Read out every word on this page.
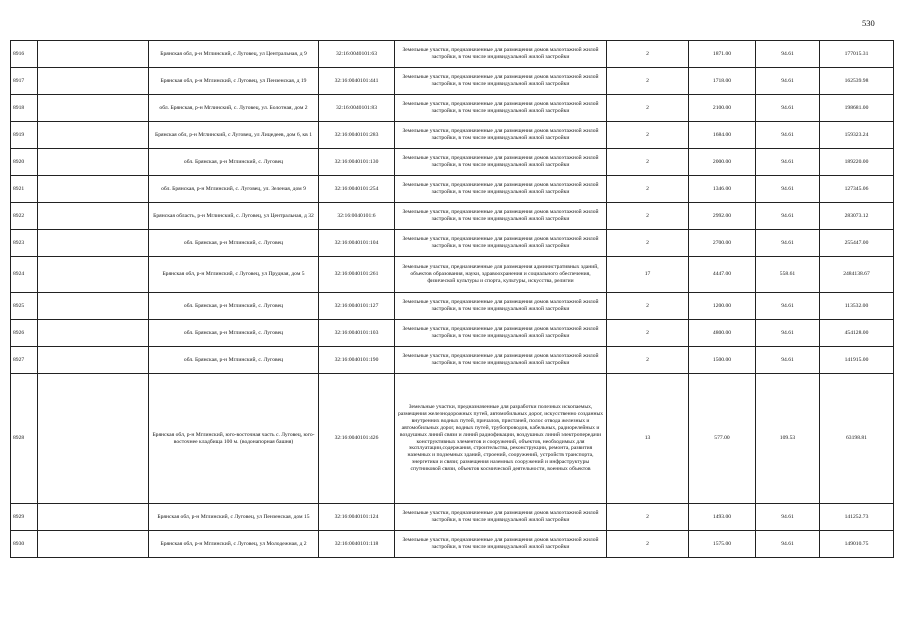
530
8916		Брянская обл, р-н Мглинский, с Луговец, ул Центральная, д 9	32:16:0040101:63	Земельные участки, предназначенные для размещения домов малоэтажной жилой застройки, в том числе индивидуальной жилой застройки	2	1871.00	94.61	177015.31
8917		Брянская обл, р-н Мглинский, с Луговец, ул Пензенская, д 19	32:16:0040101:441	Земельные участки, предназначенные для размещения домов малоэтажной жилой застройки, в том числе индивидуальной жилой застройки	2	1718.00	94.61	162539.98
8918		обл. Брянская, р-н Мглинский, с. Луговец, ул. Болотная, дом 2	32:16:0040101:83	Земельные участки, предназначенные для размещения домов малоэтажной жилой застройки, в том числе индивидуальной жилой застройки	2	2100.00	94.61	198681.00
8919		Брянская обл, р-н Мглинский, с Луговец, ул Лицедеев, дом 6, кв 1	32:16:0040101:283	Земельные участки, предназначенные для размещения домов малоэтажной жилой застройки, в том числе индивидуальной жилой застройки	2	1684.00	94.61	159323.24
8920		обл. Брянская, р-н Мглинский, с. Луговец	32:16:0040101:130	Земельные участки, предназначенные для размещения домов малоэтажной жилой застройки, в том числе индивидуальной жилой застройки	2	2000.00	94.61	189220.00
8921		обл. Брянская, р-н Мглинский, с. Луговец, ул. Зеленая, дом 9	32:16:0040101:254	Земельные участки, предназначенные для размещения домов малоэтажной жилой застройки, в том числе индивидуальной жилой застройки	2	1346.00	94.61	127345.06
8922		Брянская область, р-н Мглинский, с. Луговец, ул Центральная, д 32	32:16:0040101:6	Земельные участки, предназначенные для размещения домов малоэтажной жилой застройки, в том числе индивидуальной жилой застройки	2	2992.00	94.61	283073.12
8923		обл. Брянская, р-н Мглинский, с. Луговец	32:16:0040101:104	Земельные участки, предназначенные для размещения домов малоэтажной жилой застройки, в том числе индивидуальной жилой застройки	2	2700.00	94.61	255447.00
8924		Брянская обл, р-н Мглинский, с Луговец, ул Прудная, дом 5	32:16:0040101:261	Земельные участки, предназначенные для размещения административных зданий, объектов образования, науки, здравоохранения и социального обеспечения, физической культуры и спорта, культуры, искусства, религии	17	4447.00	558.61	2484138.67
8925		обл. Брянская, р-н Мглинский, с. Луговец	32:16:0040101:127	Земельные участки, предназначенные для размещения домов малоэтажной жилой застройки, в том числе индивидуальной жилой застройки	2	1200.00	94.61	113532.00
8926		обл. Брянская, р-н Мглинский, с. Луговец	32:16:0040101:103	Земельные участки, предназначенные для размещения домов малоэтажной жилой застройки, в том числе индивидуальной жилой застройки	2	4800.00	94.61	454128.00
8927		обл. Брянская, р-н Мглинский, с. Луговец	32:16:0040101:190	Земельные участки, предназначенные для размещения домов малоэтажной жилой застройки, в том числе индивидуальной жилой застройки	2	1500.00	94.61	141915.00
8928		Брянская обл, р-н Мглинский, юго-восточная часть с. Луговец, юго-восточнее кладбища 100 м. (водонапорная башня)	32:16:0040101:426	Земельные участки, предназначенные для разработки полезных ископаемых, размещения железнодорожных путей, автомобильных дорог, искусственно созданных внутренних водных путей, причалов, пристаней, полос отвода железных и автомобильных дорог, водных путей, трубопроводов, кабельных, радиорелейных и воздушных линий связи и линий радиофикации, воздушных линий электропередачи конструктивных элементов и сооружений, объектов, необходимых для эксплуатации,содержания, строительства, реконструкции, ремонта, развития наземных и подземных зданий, строений, сооружений, устройств транспорта, энергетики и связи; размещения наземных сооружений и инфраструктуры спутниковой связи, объектов космической деятельности, военных объектов	13	577.00	109.53	63198.81
8929		Брянская обл, р-н Мглинский, с Луговец, ул Пензенская, дом 15	32:16:0040101:124	Земельные участки, предназначенные для размещения домов малоэтажной жилой застройки, в том числе индивидуальной жилой застройки	2	1493.00	94.61	141252.73
8930		Брянская обл, р-н Мглинский, с Луговец, ул Молодежная, д 2	32:16:0040101:118	Земельные участки, предназначенные для размещения домов малоэтажной жилой застройки, в том числе индивидуальной жилой застройки	2	1575.00	94.61	149010.75
